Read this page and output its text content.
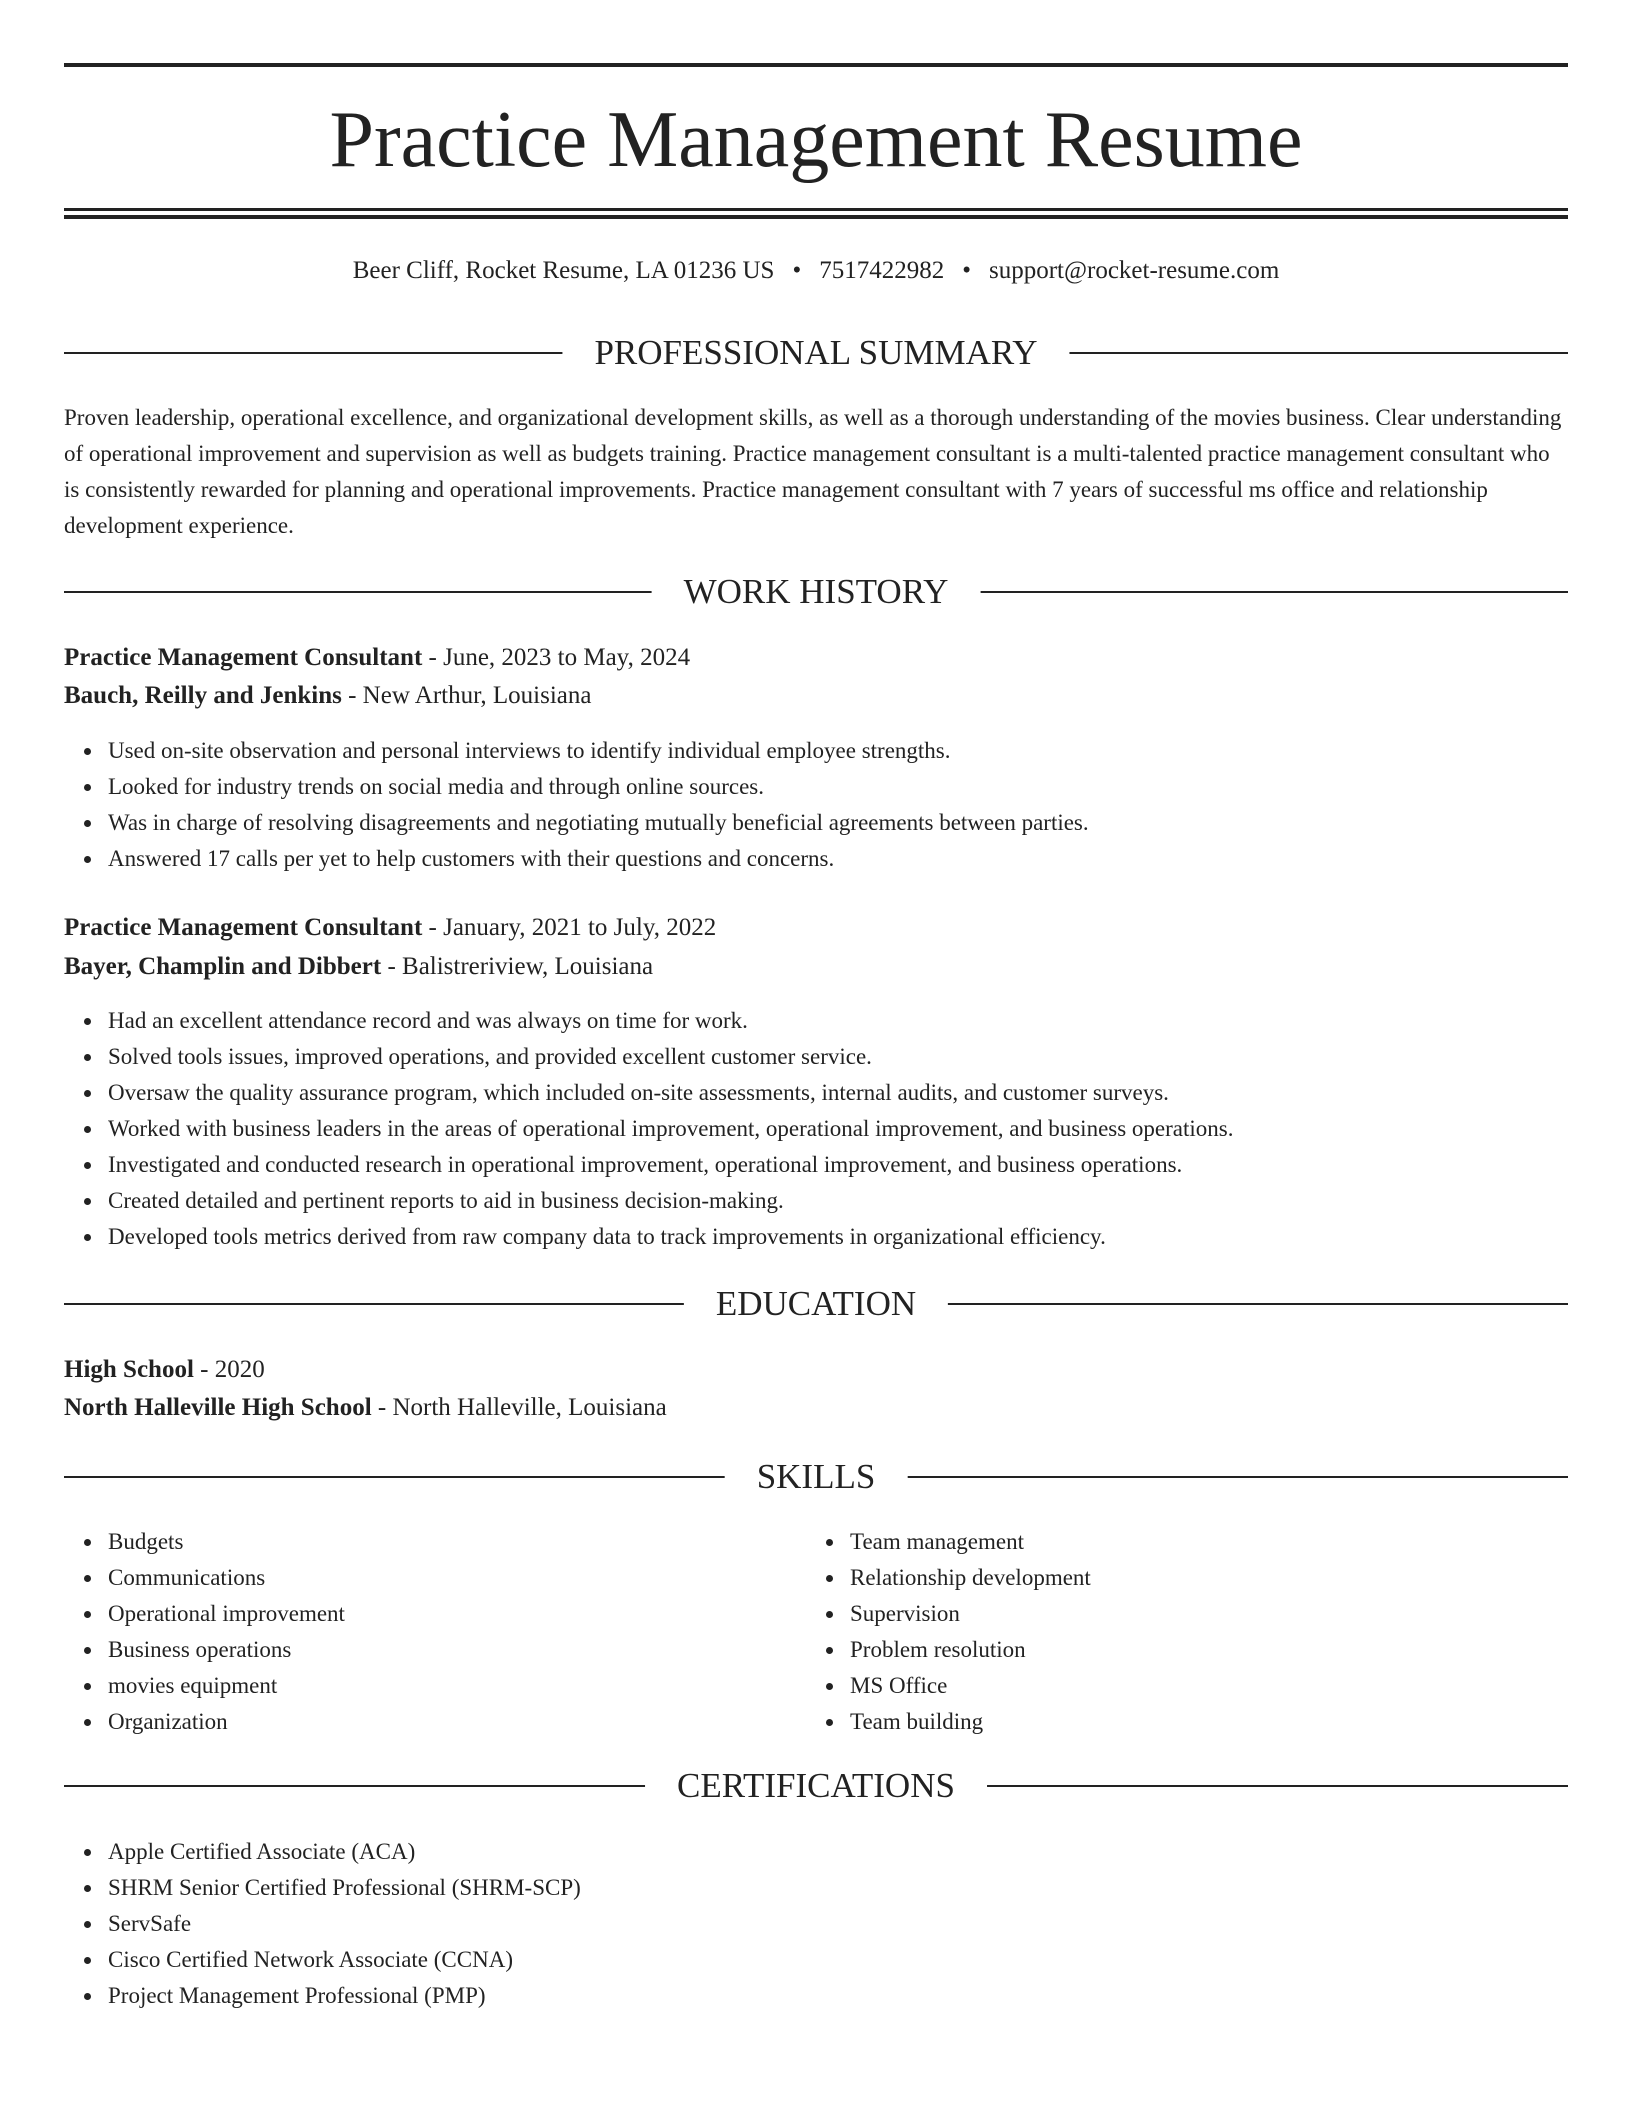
Practice Management Resume
Beer Cliff, Rocket Resume, LA 01236 US • 7517422982 • support@rocket-resume.com
PROFESSIONAL SUMMARY
Proven leadership, operational excellence, and organizational development skills, as well as a thorough understanding of the movies business. Clear understanding of operational improvement and supervision as well as budgets training. Practice management consultant is a multi-talented practice management consultant who is consistently rewarded for planning and operational improvements. Practice management consultant with 7 years of successful ms office and relationship development experience.
WORK HISTORY
Practice Management Consultant - June, 2023 to May, 2024
Bauch, Reilly and Jenkins - New Arthur, Louisiana
Used on-site observation and personal interviews to identify individual employee strengths.
Looked for industry trends on social media and through online sources.
Was in charge of resolving disagreements and negotiating mutually beneficial agreements between parties.
Answered 17 calls per yet to help customers with their questions and concerns.
Practice Management Consultant - January, 2021 to July, 2022
Bayer, Champlin and Dibbert - Balistreriview, Louisiana
Had an excellent attendance record and was always on time for work.
Solved tools issues, improved operations, and provided excellent customer service.
Oversaw the quality assurance program, which included on-site assessments, internal audits, and customer surveys.
Worked with business leaders in the areas of operational improvement, operational improvement, and business operations.
Investigated and conducted research in operational improvement, operational improvement, and business operations.
Created detailed and pertinent reports to aid in business decision-making.
Developed tools metrics derived from raw company data to track improvements in organizational efficiency.
EDUCATION
High School - 2020
North Halleville High School - North Halleville, Louisiana
SKILLS
Budgets
Communications
Operational improvement
Business operations
movies equipment
Organization
Team management
Relationship development
Supervision
Problem resolution
MS Office
Team building
CERTIFICATIONS
Apple Certified Associate (ACA)
SHRM Senior Certified Professional (SHRM-SCP)
ServSafe
Cisco Certified Network Associate (CCNA)
Project Management Professional (PMP)
